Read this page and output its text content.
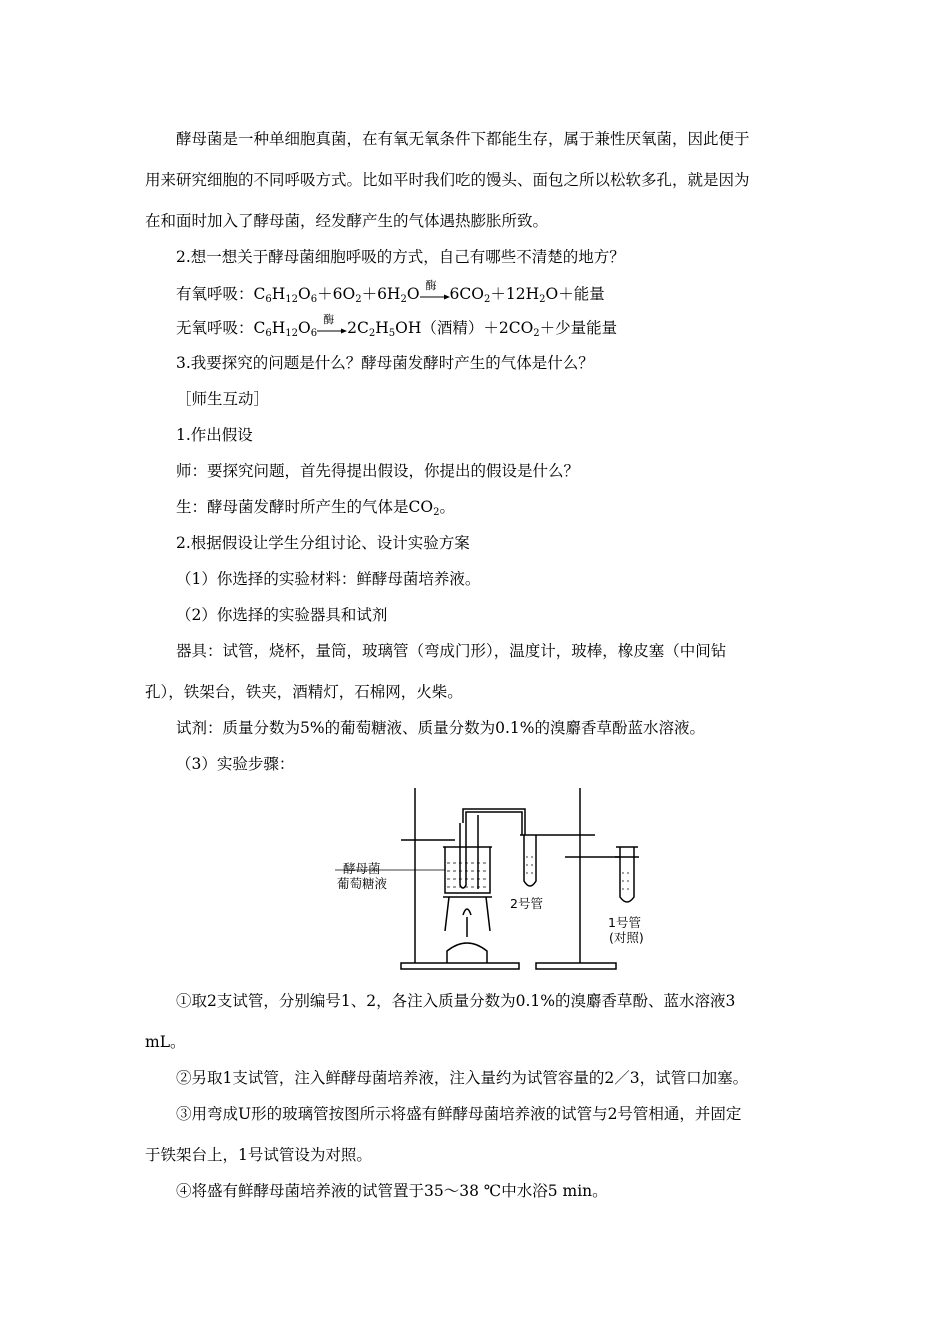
酵母菌是一种单细胞真菌，在有氧无氧条件下都能生存，属于兼性厌氧菌，因此便于
用来研究细胞的不同呼吸方式。比如平时我们吃的馒头、面包之所以松软多孔，就是因为
在和面时加入了酵母菌，经发酵产生的气体遇热膨胀所致。
2.想一想关于酵母菌细胞呼吸的方式，自己有哪些不清楚的地方？
有氧呼吸：$C_6H_{12}O_6+6O_2+6H_2O$ 酶 $6CO_2+12H_2O+$能量
无氧呼吸：$C_6H_{12}O_6$
酶 $2C_2H_5OH$（酒精）$+2CO_2+$少量能量
3.我要探究的问题是什么？酵母菌发酵时产生的气体是什么？
［师生互动］
1.作出假设
师：要探究问题，首先得提出假设，你提出的假设是什么？
生：酵母菌发酵时所产生的气体是$CO_2$。
2.根据假设让学生分组讨论、设计实验方案
（1）你选择的实验材料：鲜酵母菌培养液。
（2）你选择的实验器具和试剂
器具：试管，烧杯，量筒，玻璃管（弯成门形），温度计，玻棒，橡皮塞（中间钻
孔），铁架台，铁夹，酒精灯，石棉网，火柴。
试剂：质量分数为5%的葡萄糖液、质量分数为0.1%的溴麝香草酚蓝水溶液。
（3）实验步骤：
酵母菌
葡萄糖液
2号管
1号管
(对照)
①取2支试管，分别编号1、2，各注入质量分数为0.1%的溴麝香草酚、蓝水溶液3
mL。
②另取1支试管，注入鲜酵母菌培养液，注入量约为试管容量的2／3，试管口加塞。
③用弯成U形的玻璃管按图所示将盛有鲜酵母菌培养液的试管与2号管相通，并固定
于铁架台上，1号试管设为对照。
④将盛有鲜酵母菌培养液的试管置于35～38 ℃中水浴5 min。
